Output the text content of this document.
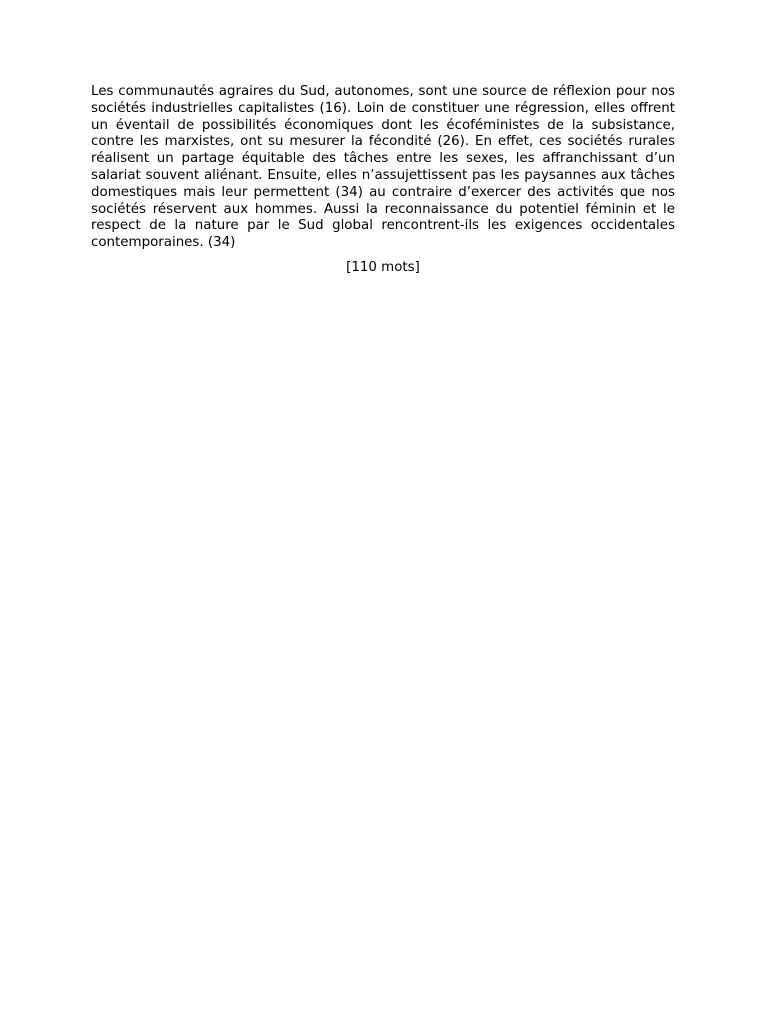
Les communautés agraires du Sud, autonomes, sont une source de réflexion pour nos sociétés industrielles capitalistes (16). Loin de constituer une régression, elles offrent un éventail de possibilités économiques dont les écoféministes de la subsistance, contre les marxistes, ont su mesurer la fécondité (26). En effet, ces sociétés rurales réalisent un partage équitable des tâches entre les sexes, les affranchissant d’un salariat souvent aliénant. Ensuite, elles n’assujettissent pas les paysannes aux tâches domestiques mais leur permettent (34) au contraire d’exercer des activités que nos sociétés réservent aux hommes. Aussi la reconnaissance du potentiel féminin et le respect de la nature par le Sud global rencontrent-ils les exigences occidentales contemporaines. (34)

[110 mots]
